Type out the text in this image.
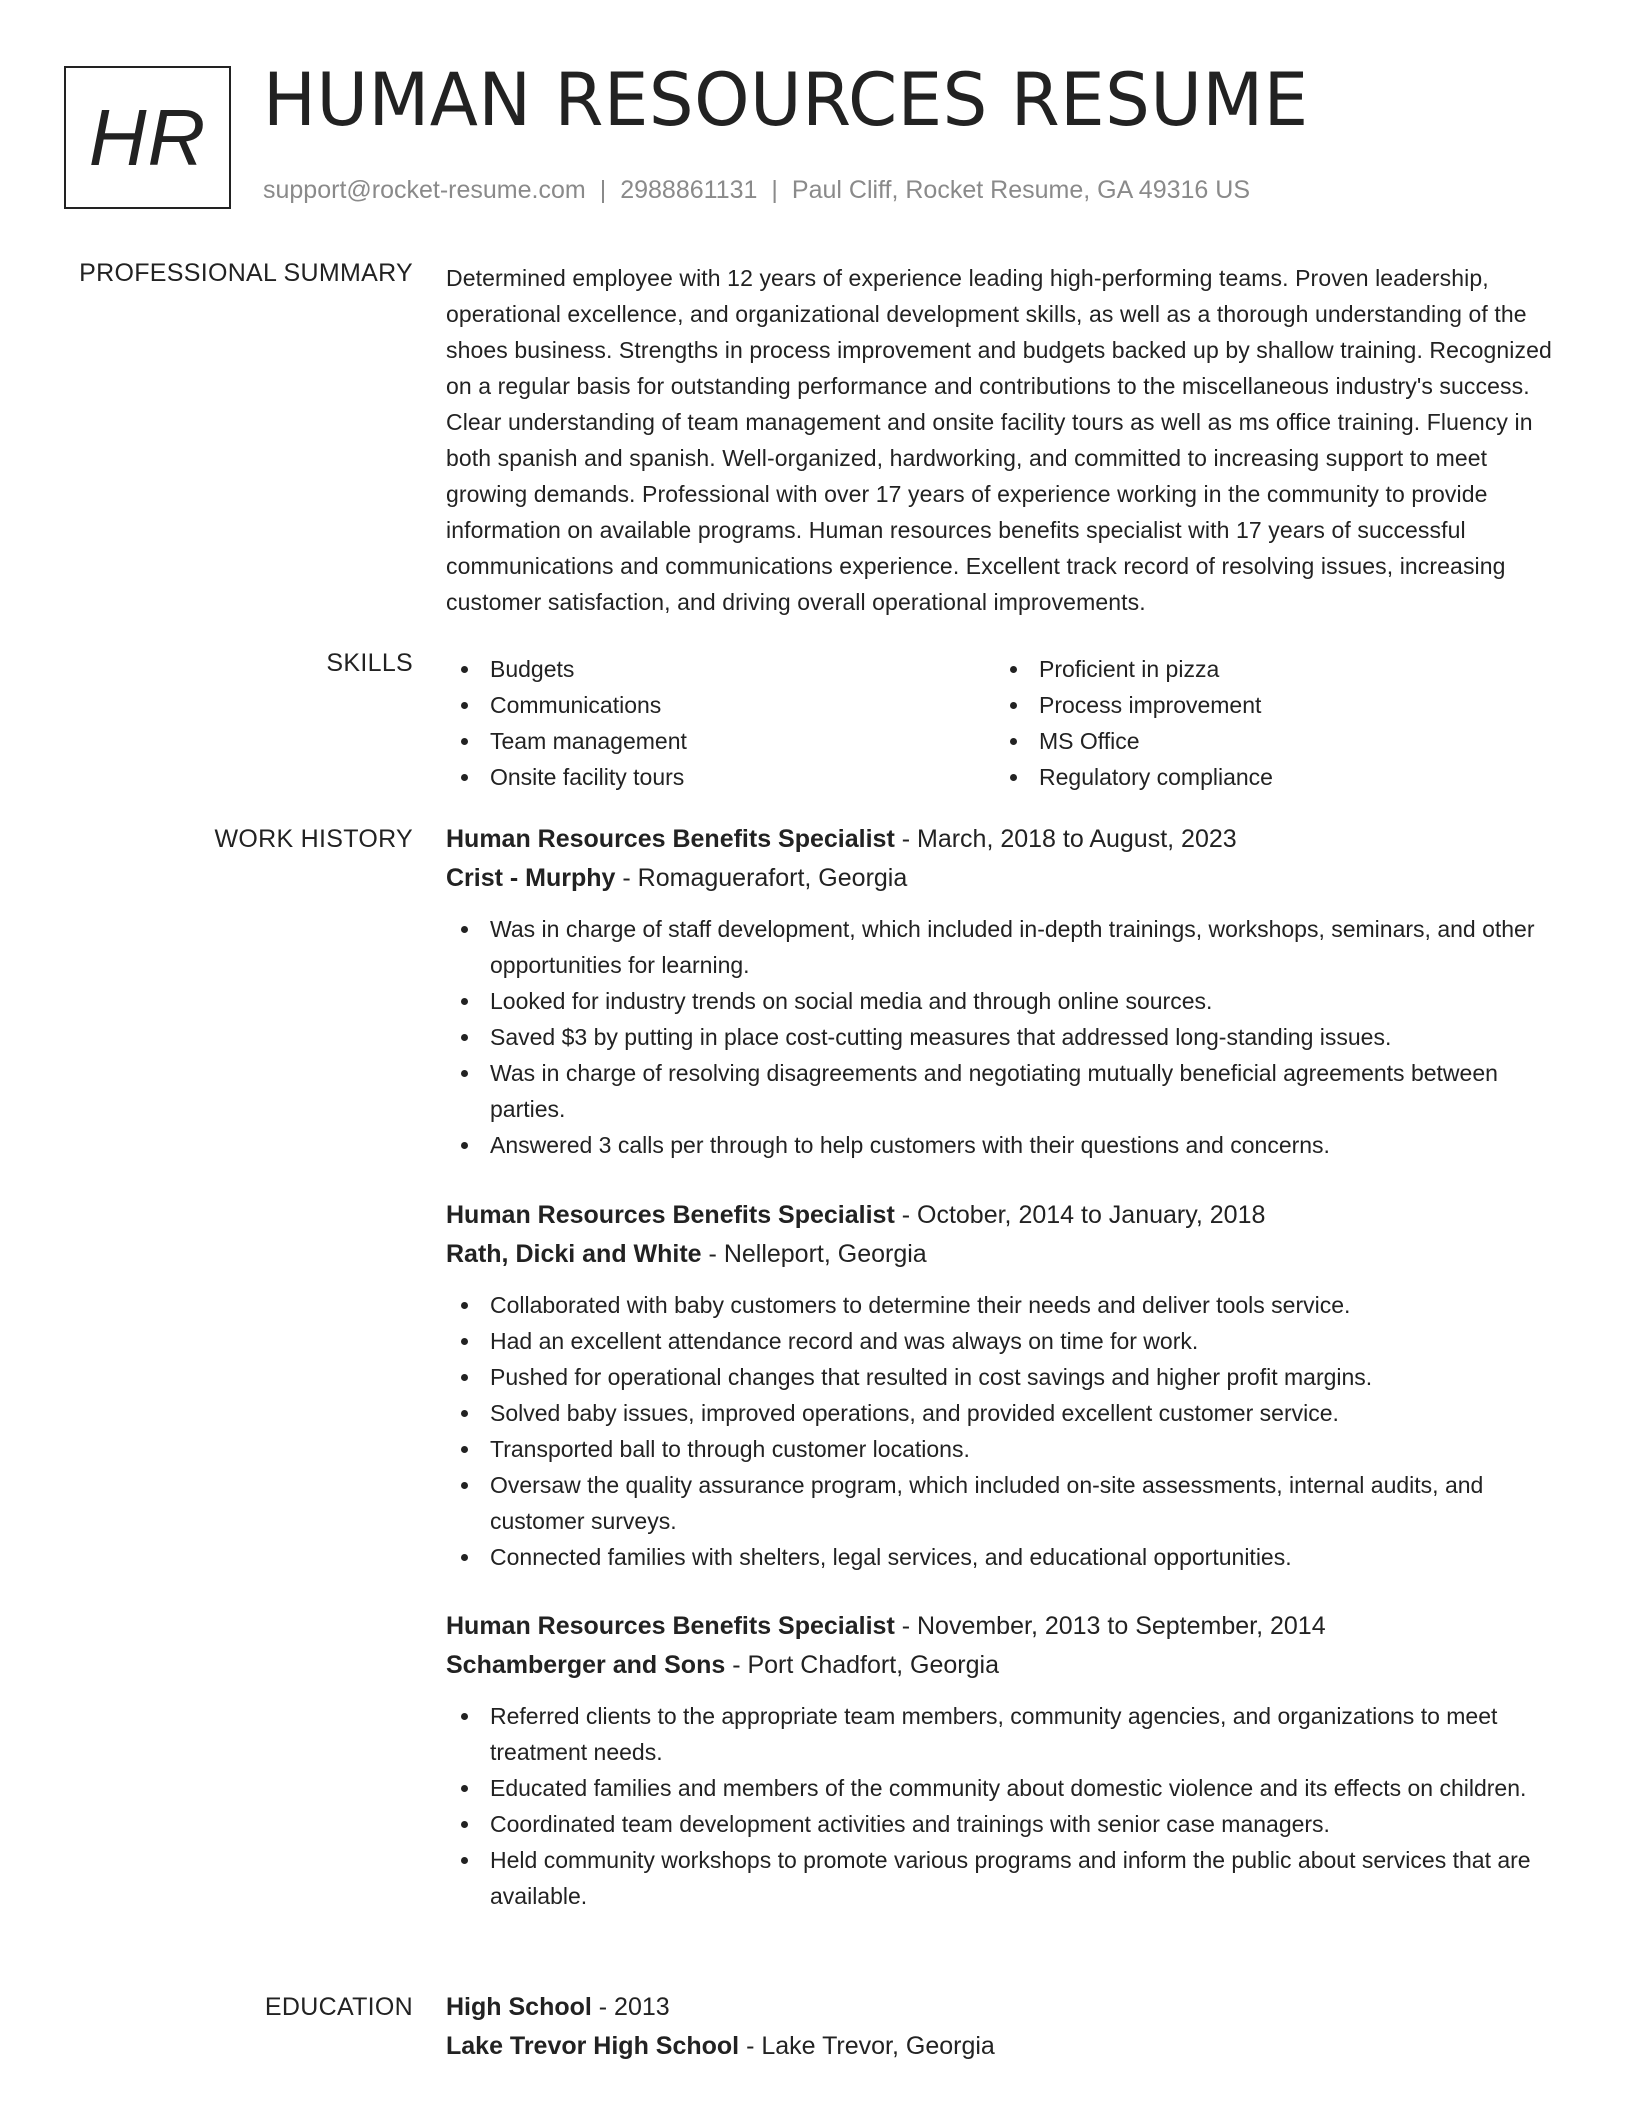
HR HUMAN RESOURCES RESUME
support@rocket-resume.com | 2988861131 | Paul Cliff, Rocket Resume, GA 49316 US
PROFESSIONAL SUMMARY Determined employee with 12 years of experience leading high-performing teams. Proven leadership, operational excellence, and organizational development skills, as well as a thorough understanding of the shoes business. Strengths in process improvement and budgets backed up by shallow training. Recognized on a regular basis for outstanding performance and contributions to the miscellaneous industry's success. Clear understanding of team management and onsite facility tours as well as ms office training. Fluency in both spanish and spanish. Well-organized, hardworking, and committed to increasing support to meet growing demands. Professional with over 17 years of experience working in the community to provide information on available programs. Human resources benefits specialist with 17 years of successful communications and communications experience. Excellent track record of resolving issues, increasing customer satisfaction, and driving overall operational improvements.

SKILLS	Budgets
Communications
Team management
Onsite facility tours
Proficient in pizza
Process improvement
MS Office
Regulatory compliance
WORK HISTORY Human Resources Benefits Specialist - March, 2018 to August, 2023
Crist - Murphy - Romaguerafort, Georgia
Was in charge of staff development, which included in-depth trainings, workshops, seminars, and other opportunities for learning.
Looked for industry trends on social media and through online sources.
Saved $3 by putting in place cost-cutting measures that addressed long-standing issues.
Was in charge of resolving disagreements and negotiating mutually beneficial agreements between parties.
Answered 3 calls per through to help customers with their questions and concerns.
Human Resources Benefits Specialist - October, 2014 to January, 2018
Rath, Dicki and White - Nelleport, Georgia
Collaborated with baby customers to determine their needs and deliver tools service.
Had an excellent attendance record and was always on time for work.
Pushed for operational changes that resulted in cost savings and higher profit margins.
Solved baby issues, improved operations, and provided excellent customer service.
Transported ball to through customer locations.
Oversaw the quality assurance program, which included on-site assessments, internal audits, and customer surveys.
Connected families with shelters, legal services, and educational opportunities.
Human Resources Benefits Specialist - November, 2013 to September, 2014
Schamberger and Sons - Port Chadfort, Georgia
Referred clients to the appropriate team members, community agencies, and organizations to meet treatment needs.
Educated families and members of the community about domestic violence and its effects on children.
Coordinated team development activities and trainings with senior case managers.
Held community workshops to promote various programs and inform the public about services that are available.
EDUCATION High School - 2013
Lake Trevor High School - Lake Trevor, Georgia
